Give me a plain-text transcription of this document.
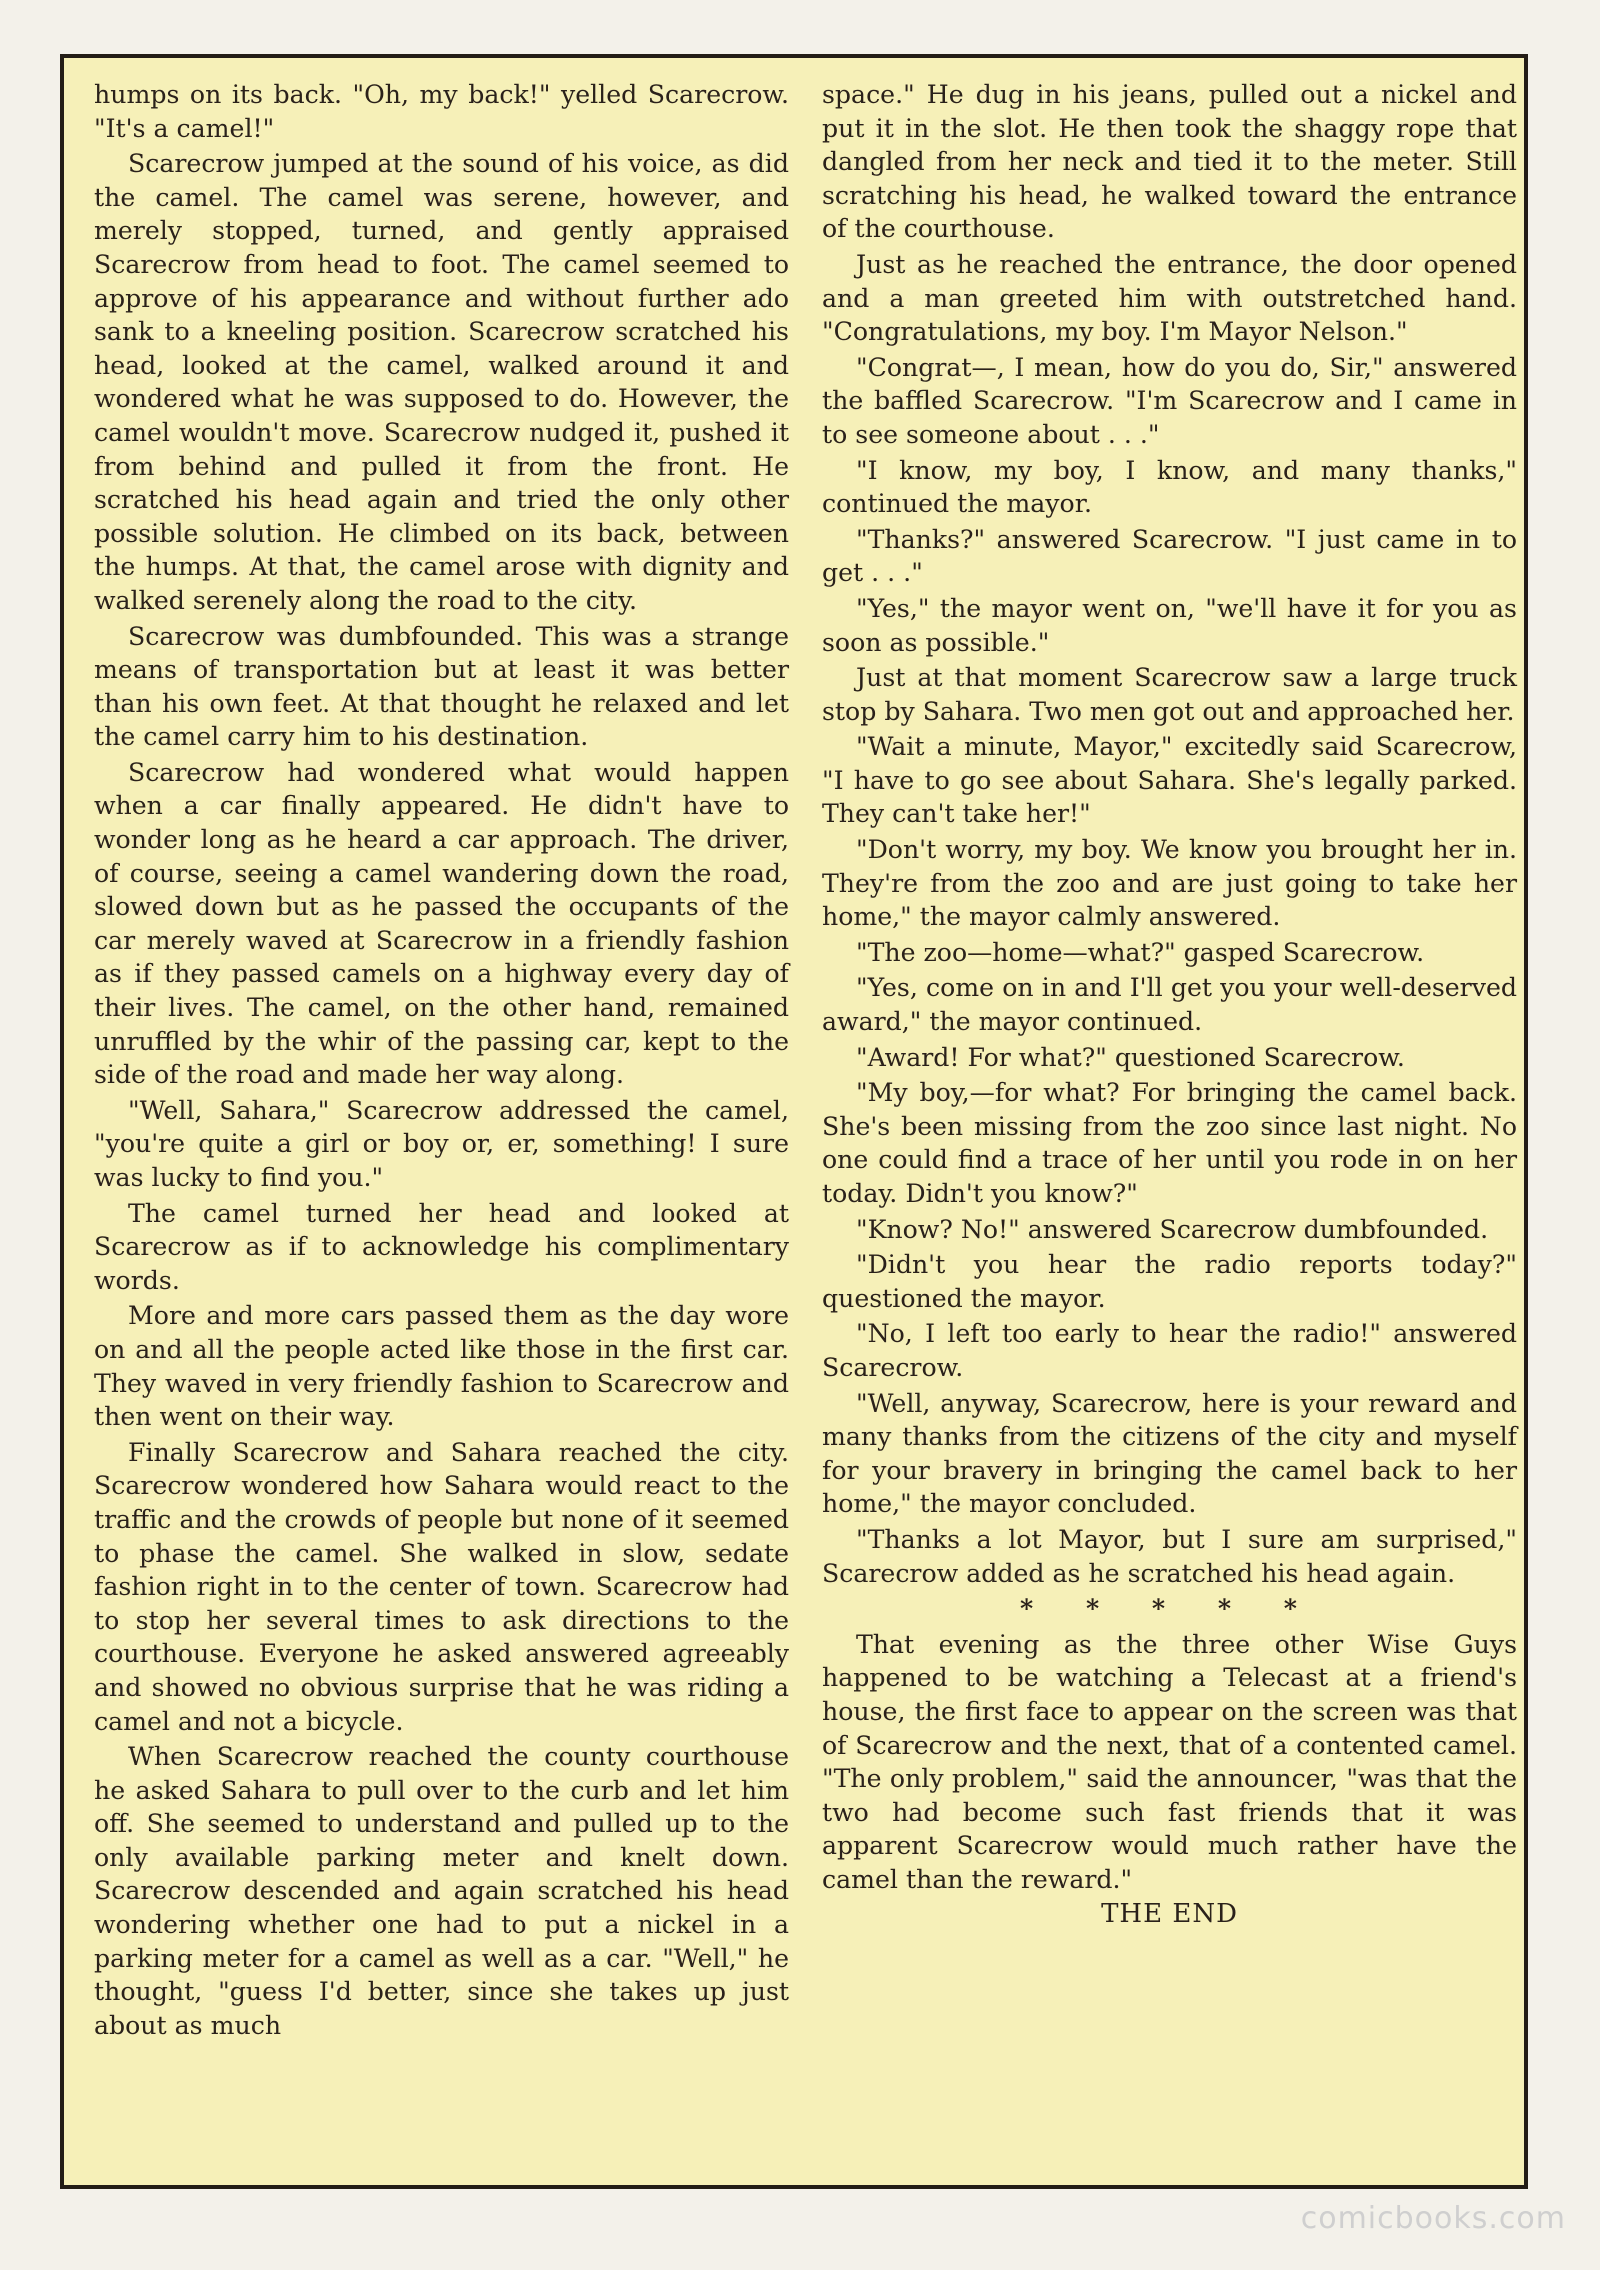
humps on its back. "Oh, my back!" yelled Scarecrow. "It's a camel!"

Scarecrow jumped at the sound of his voice, as did the camel. The camel was serene, however, and merely stopped, turned, and gently appraised Scarecrow from head to foot. The camel seemed to approve of his appearance and without further ado sank to a kneeling position. Scarecrow scratched his head, looked at the camel, walked around it and wondered what he was supposed to do. However, the camel wouldn't move. Scarecrow nudged it, pushed it from behind and pulled it from the front. He scratched his head again and tried the only other possible solution. He climbed on its back, between the humps. At that, the camel arose with dignity and walked serenely along the road to the city.

Scarecrow was dumbfounded. This was a strange means of transportation but at least it was better than his own feet. At that thought he relaxed and let the camel carry him to his destination.

Scarecrow had wondered what would happen when a car finally appeared. He didn't have to wonder long as he heard a car approach. The driver, of course, seeing a camel wandering down the road, slowed down but as he passed the occupants of the car merely waved at Scarecrow in a friendly fashion as if they passed camels on a highway every day of their lives. The camel, on the other hand, remained unruffled by the whir of the passing car, kept to the side of the road and made her way along.

"Well, Sahara," Scarecrow addressed the camel, "you're quite a girl or boy or, er, something! I sure was lucky to find you."

The camel turned her head and looked at Scarecrow as if to acknowledge his complimentary words.

More and more cars passed them as the day wore on and all the people acted like those in the first car. They waved in very friendly fashion to Scarecrow and then went on their way.

Finally Scarecrow and Sahara reached the city. Scarecrow wondered how Sahara would react to the traffic and the crowds of people but none of it seemed to phase the camel. She walked in slow, sedate fashion right in to the center of town. Scarecrow had to stop her several times to ask directions to the courthouse. Everyone he asked answered agreeably and showed no obvious surprise that he was riding a camel and not a bicycle.

When Scarecrow reached the county courthouse he asked Sahara to pull over to the curb and let him off. She seemed to understand and pulled up to the only available parking meter and knelt down. Scarecrow descended and again scratched his head wondering whether one had to put a nickel in a parking meter for a camel as well as a car. "Well," he thought, "guess I'd better, since she takes up just about as much

space." He dug in his jeans, pulled out a nickel and put it in the slot. He then took the shaggy rope that dangled from her neck and tied it to the meter. Still scratching his head, he walked toward the entrance of the courthouse.

Just as he reached the entrance, the door opened and a man greeted him with outstretched hand. "Congratulations, my boy. I'm Mayor Nelson."

"Congrat—, I mean, how do you do, Sir," answered the baffled Scarecrow. "I'm Scarecrow and I came in to see someone about . . ."

"I know, my boy, I know, and many thanks," continued the mayor.

"Thanks?" answered Scarecrow. "I just came in to get . . ."

"Yes," the mayor went on, "we'll have it for you as soon as possible."

Just at that moment Scarecrow saw a large truck stop by Sahara. Two men got out and approached her.

"Wait a minute, Mayor," excitedly said Scarecrow, "I have to go see about Sahara. She's legally parked. They can't take her!"

"Don't worry, my boy. We know you brought her in. They're from the zoo and are just going to take her home," the mayor calmly answered.

"The zoo—home—what?" gasped Scarecrow.

"Yes, come on in and I'll get you your well-deserved award," the mayor continued.

"Award! For what?" questioned Scarecrow.

"My boy,—for what? For bringing the camel back. She's been missing from the zoo since last night. No one could find a trace of her until you rode in on her today. Didn't you know?"

"Know? No!" answered Scarecrow dumbfounded.

"Didn't you hear the radio reports today?" questioned the mayor.

"No, I left too early to hear the radio!" answered Scarecrow.

"Well, anyway, Scarecrow, here is your reward and many thanks from the citizens of the city and myself for your bravery in bringing the camel back to her home," the mayor concluded.

"Thanks a lot Mayor, but I sure am surprised," Scarecrow added as he scratched his head again.

* * * * *

That evening as the three other Wise Guys happened to be watching a Telecast at a friend's house, the first face to appear on the screen was that of Scarecrow and the next, that of a contented camel. "The only problem," said the announcer, "was that the two had become such fast friends that it was apparent Scarecrow would much rather have the camel than the reward."

THE END

comicbooks.com
